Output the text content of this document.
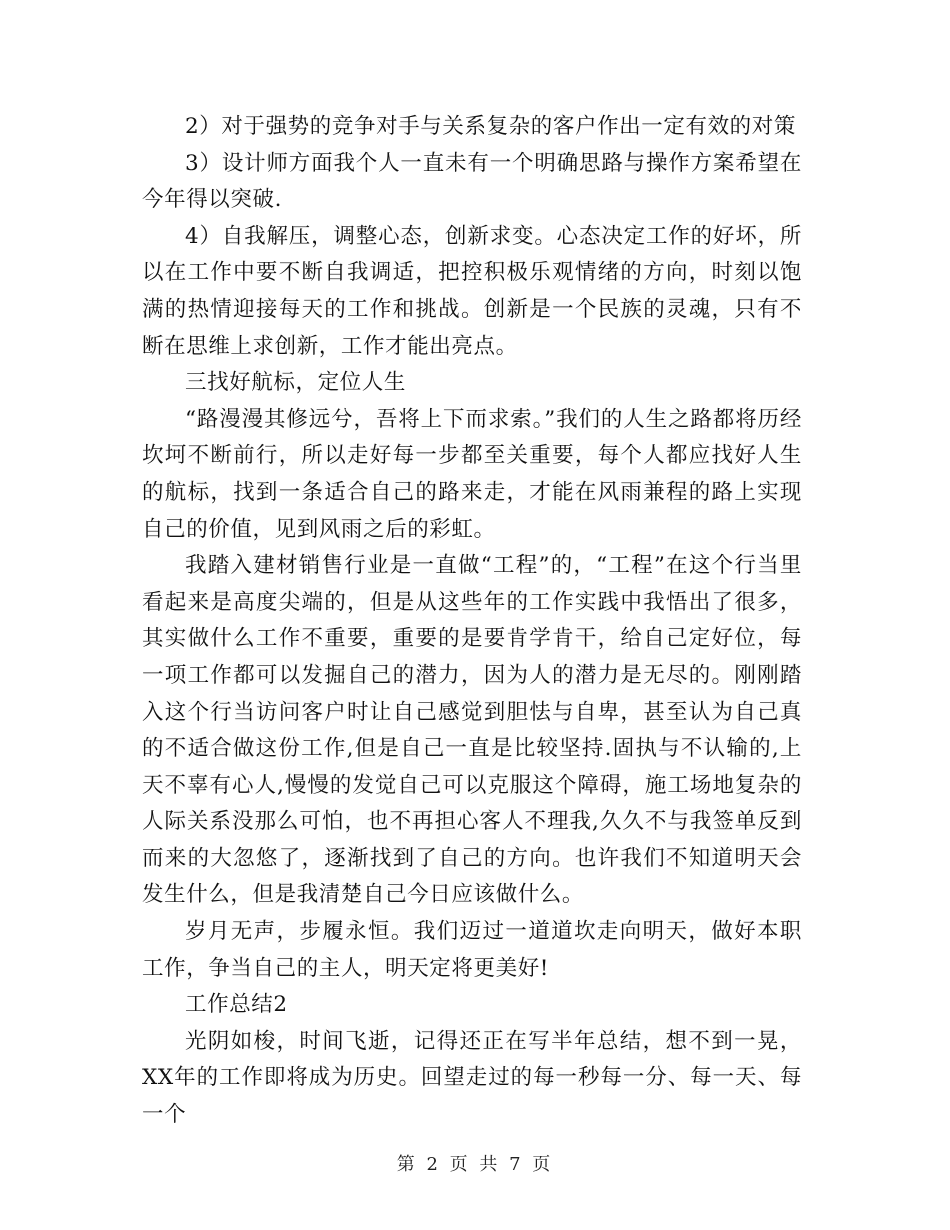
2）对于强势的竞争对手与关系复杂的客户作出一定有效的对策

3）设计师方面我个人一直未有一个明确思路与操作方案希望在今年得以突破.

4）自我解压，调整心态，创新求变。心态决定工作的好坏，所以在工作中要不断自我调适，把控积极乐观情绪的方向，时刻以饱满的热情迎接每天的工作和挑战。创新是一个民族的灵魂，只有不断在思维上求创新，工作才能出亮点。

三找好航标，定位人生

“路漫漫其修远兮，吾将上下而求索。”我们的人生之路都将历经坎坷不断前行，所以走好每一步都至关重要，每个人都应找好人生的航标，找到一条适合自己的路来走，才能在风雨兼程的路上实现自己的价值，见到风雨之后的彩虹。

我踏入建材销售行业是一直做“工程”的，“工程”在这个行当里看起来是高度尖端的，但是从这些年的工作实践中我悟出了很多，其实做什么工作不重要，重要的是要肯学肯干，给自己定好位，每一项工作都可以发掘自己的潜力，因为人的潜力是无尽的。刚刚踏入这个行当访问客户时让自己感觉到胆怯与自卑，甚至认为自己真的不适合做这份工作,但是自己一直是比较坚持.固执与不认输的,上天不辜有心人,慢慢的发觉自己可以克服这个障碍，施工场地复杂的人际关系没那么可怕，也不再担心客人不理我,久久不与我签单反到而来的大忽悠了，逐渐找到了自己的方向。也许我们不知道明天会发生什么，但是我清楚自己今日应该做什么。

岁月无声，步履永恒。我们迈过一道道坎走向明天，做好本职工作，争当自己的主人，明天定将更美好!

工作总结2

光阴如梭，时间飞逝，记得还正在写半年总结，想不到一晃，XX年的工作即将成为历史。回望走过的每一秒每一分、每一天、每一个

第 2 页 共 7 页
